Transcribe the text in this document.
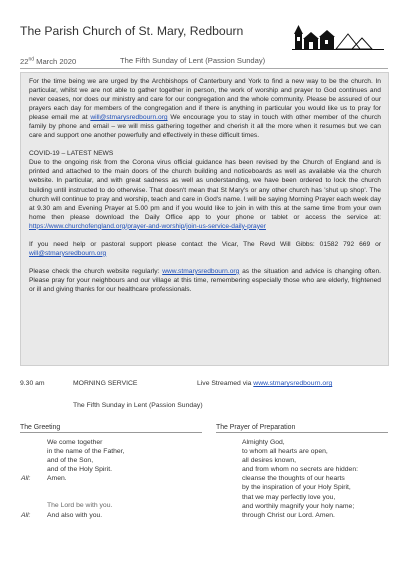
The Parish Church of St. Mary, Redbourn
22nd March 2020	The Fifth Sunday of Lent (Passion Sunday)

For the time being we are urged by the Archbishops of Canterbury and York to find a new way to be the church. In particular, whilst we are not able to gather together in person, the work of worship and prayer to God continues and never ceases, nor does our ministry and care for our congregation and the whole community. Please be assured of our prayers each day for members of the congregation and if there is anything in particular you would like us to pray for please email me at will@stmarysredbourn.org We encourage you to stay in touch with other member of the church family by phone and email – we will miss gathering together and cherish it all the more when it resumes but we can care and support one another powerfully and effectively in these difficult times.

COVID-19 – LATEST NEWS

Due to the ongoing risk from the Corona virus official guidance has been revised by the Church of England and is printed and attached to the main doors of the church building and noticeboards as well as available via the church website. In particular, and with great sadness as well as understanding, we have been ordered to lock the church building until instructed to do otherwise. That doesn't mean that St Mary's or any other church has 'shut up shop'. The church will continue to pray and worship, teach and care in God's name. I will be saying Morning Prayer each week day at 9.30 am and Evening Prayer at 5.00 pm and if you would like to join in with this at the same time from your own home then please download the Daily Office app to your phone or tablet or access the service at: https://www.churchofengland.org/prayer-and-worship/join-us-service-daily-prayer

If you need help or pastoral support please contact the Vicar, The Revd Will Gibbs: 01582 792 669 or will@stmarysredbourn.org

Please check the church website regularly: www.stmarysredbourn.org as the situation and advice is changing often. Please pray for your neighbours and our village at this time, remembering especially those who are elderly, frightened or ill and giving thanks for our healthcare professionals.

9.30 am	MORNING SERVICE	Live Streamed via www.stmarysredbourn.org
The Fifth Sunday in Lent (Passion Sunday)
The Greeting	The Prayer of Preparation
We come together
in the name of the Father,
and of the Son,
and of the Holy Spirit.
All: Amen.
The Lord be with you.
All: And also with you.
Almighty God,
to whom all hearts are open,
all desires known,
and from whom no secrets are hidden:
cleanse the thoughts of our hearts
by the inspiration of your Holy Spirit,
that we may perfectly love you,
and worthily magnify your holy name;
through Christ our Lord. Amen.
